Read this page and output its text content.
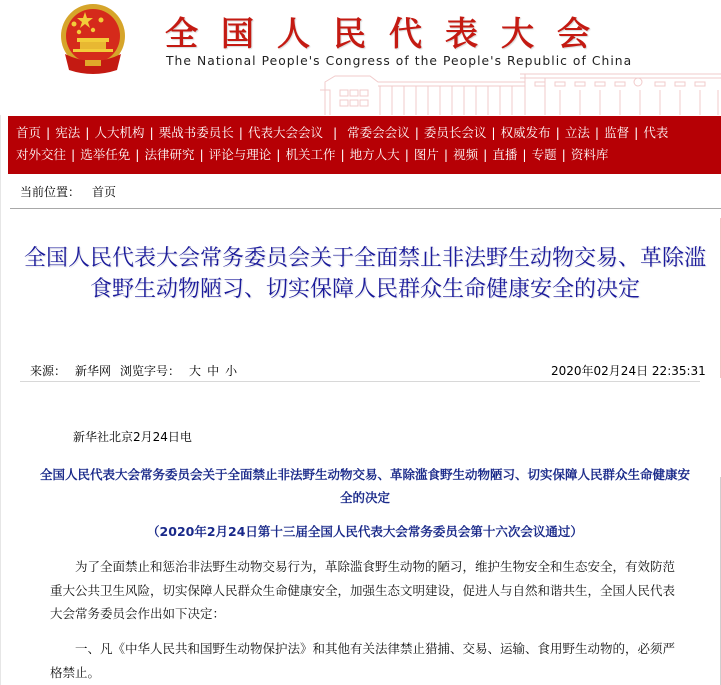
全国人民代表大会
The National People's Congress of the People's Republic of China
首页 | 宪法 | 人大机构 | 栗战书委员长 | 代表大会会议 | 常委会会议 | 委员长会议 | 权威发布 | 立法 | 监督 | 代表
对外交往 | 选举任免 | 法律研究 | 评论与理论 | 机关工作 | 地方人大 | 图片 | 视频 | 直播 | 专题 | 资料库
当前位置： 首页
全国人民代表大会常务委员会关于全面禁止非法野生动物交易、革除滥食野生动物陋习、切实保障人民群众生命健康安全的决定
来源： 新华网 浏览字号： 大 中 小	2020年02月24日 22:35:31
新华社北京2月24日电
全国人民代表大会常务委员会关于全面禁止非法野生动物交易、革除滥食野生动物陋习、切实保障人民群众生命健康安全的决定
（2020年2月24日第十三届全国人民代表大会常务委员会第十六次会议通过）

为了全面禁止和惩治非法野生动物交易行为，革除滥食野生动物的陋习，维护生物安全和生态安全，有效防范重大公共卫生风险，切实保障人民群众生命健康安全，加强生态文明建设，促进人与自然和谐共生，全国人民代表大会常务委员会作出如下决定：

一、凡《中华人民共和国野生动物保护法》和其他有关法律禁止猎捕、交易、运输、食用野生动物的，必须严格禁止。
